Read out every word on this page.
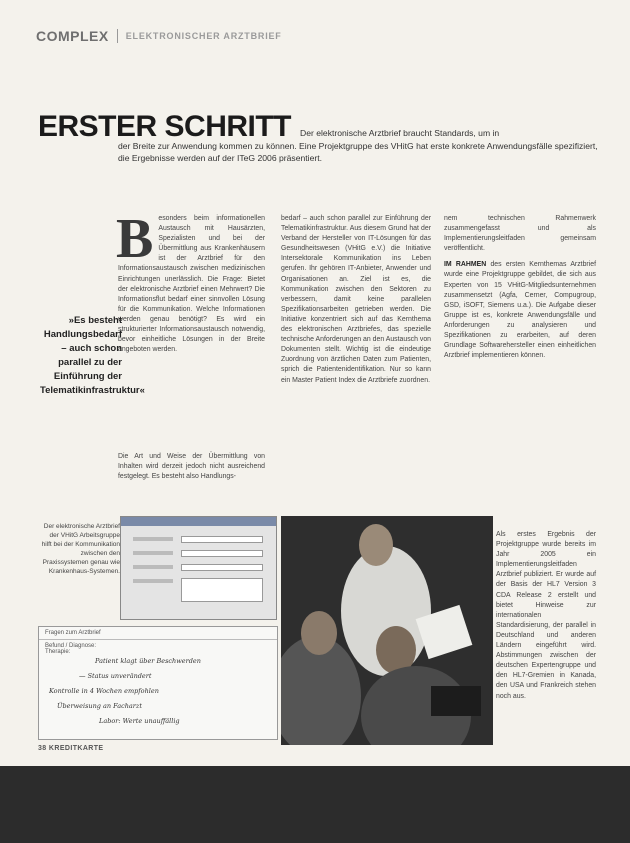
COMPLEX ELEKTRONISCHER ARZTBRIEF
ERSTER SCHRITT Der elektronische Arztbrief braucht Standards, um in
der Breite zur Anwendung kommen zu können. Eine Projektgruppe des VHitG hat erste konkrete Anwendungsfälle spezifiziert, die Ergebnisse werden auf der ITeG 2006 präsentiert.
B esonders beim informationellen Austausch mit Hausärzten, Spezialisten und bei der Übermittlung aus Krankenhäusern ist der Arztbrief für den Informationsaustausch zwischen medizinischen Einrichtungen unerlässlich. Die Frage: Bietet der elektronische Arztbrief einen Mehrwert? Die Informationsflut bedarf einer sinnvollen Lösung für die Kommunikation. Welche Informationen werden genau benötigt? Es wird ein strukturierter Informationsaustausch notwendig, bevor einheitliche Lösungen in der Breite angeboten werden.

Die Art und Weise der Übermittlung von Inhalten wird derzeit jedoch nicht ausreichend festgelegt. Es besteht also Handlungs-

bedarf – auch schon parallel zur Einführung der Telematikinfrastruktur. Aus diesem Grund hat der Verband der Hersteller von IT-Lösungen für das Gesundheitswesen (VHitG e.V.) die Initiative Intersektorale Kommunikation ins Leben gerufen. Ihr gehören IT-Anbieter, Anwender und Organisationen an. Ziel ist es, die Kommunikation zwischen den Sektoren zu verbessern, damit keine parallelen Spezifikationsarbeiten getrieben werden. Die Initiative konzentriert sich auf das Kernthema des elektronischen Arztbriefes, das spezielle technische Anforderungen an den Austausch von Dokumenten stellt. Wichtig ist die eindeutige Zuordnung von ärztlichen Daten zum Patienten, sprich die Patientenidentifikation. Nur so kann ein Master Patient Index die Arztbriefe zuordnen.

nem technischen Rahmenwerk zusammengefasst und als Implementierungsleitfaden gemeinsam veröffentlicht.

IM RAHMEN des ersten Kernthemas Arztbrief wurde eine Projektgruppe gebildet, die sich aus Experten von 15 VHitG-Mitgliedsunternehmen zusammensetzt (Agfa, Cerner, Compugroup, GSD, iSOFT, Siemens u.a.). Die Aufgabe dieser Gruppe ist es, konkrete Anwendungsfälle und Anforderungen zu analysieren und Spezifikationen zu erarbeiten, auf deren Grundlage Softwarehersteller einen einheitlichen Arztbrief implementieren können.

Als erstes Ergebnis der Projektgruppe wurde bereits im Jahr 2005 ein Implementierungsleitfaden Arztbrief publiziert. Er wurde auf der Basis der HL7 Version 3 CDA Release 2 erstellt und bietet Hinweise zur internationalen Standardisierung, der parallel in Deutschland und anderen Ländern eingeführt wird. Abstimmungen zwischen der deutschen Expertengruppe und den HL7-Gremien in Kanada, den USA und Frankreich stehen noch aus.

»Es besteht Handlungsbedarf – auch schon parallel zu der Einführung der Telematikinfrastruktur«
Der elektronische Arztbrief der VHitG Arbeitsgruppe hilft bei der Kommunikation zwischen den Praxissystemen genau wie Krankenhaus-Systemen.
Fragen zum Arztbrief
Befund / Diagnose:
Therapie:
Patient klagt über Beschwerden
— Status unverändert
Kontrolle in 4 Wochen empfohlen
Überweisung an Facharzt
Labor: Werte unauffällig
38 KREDITKARTE
